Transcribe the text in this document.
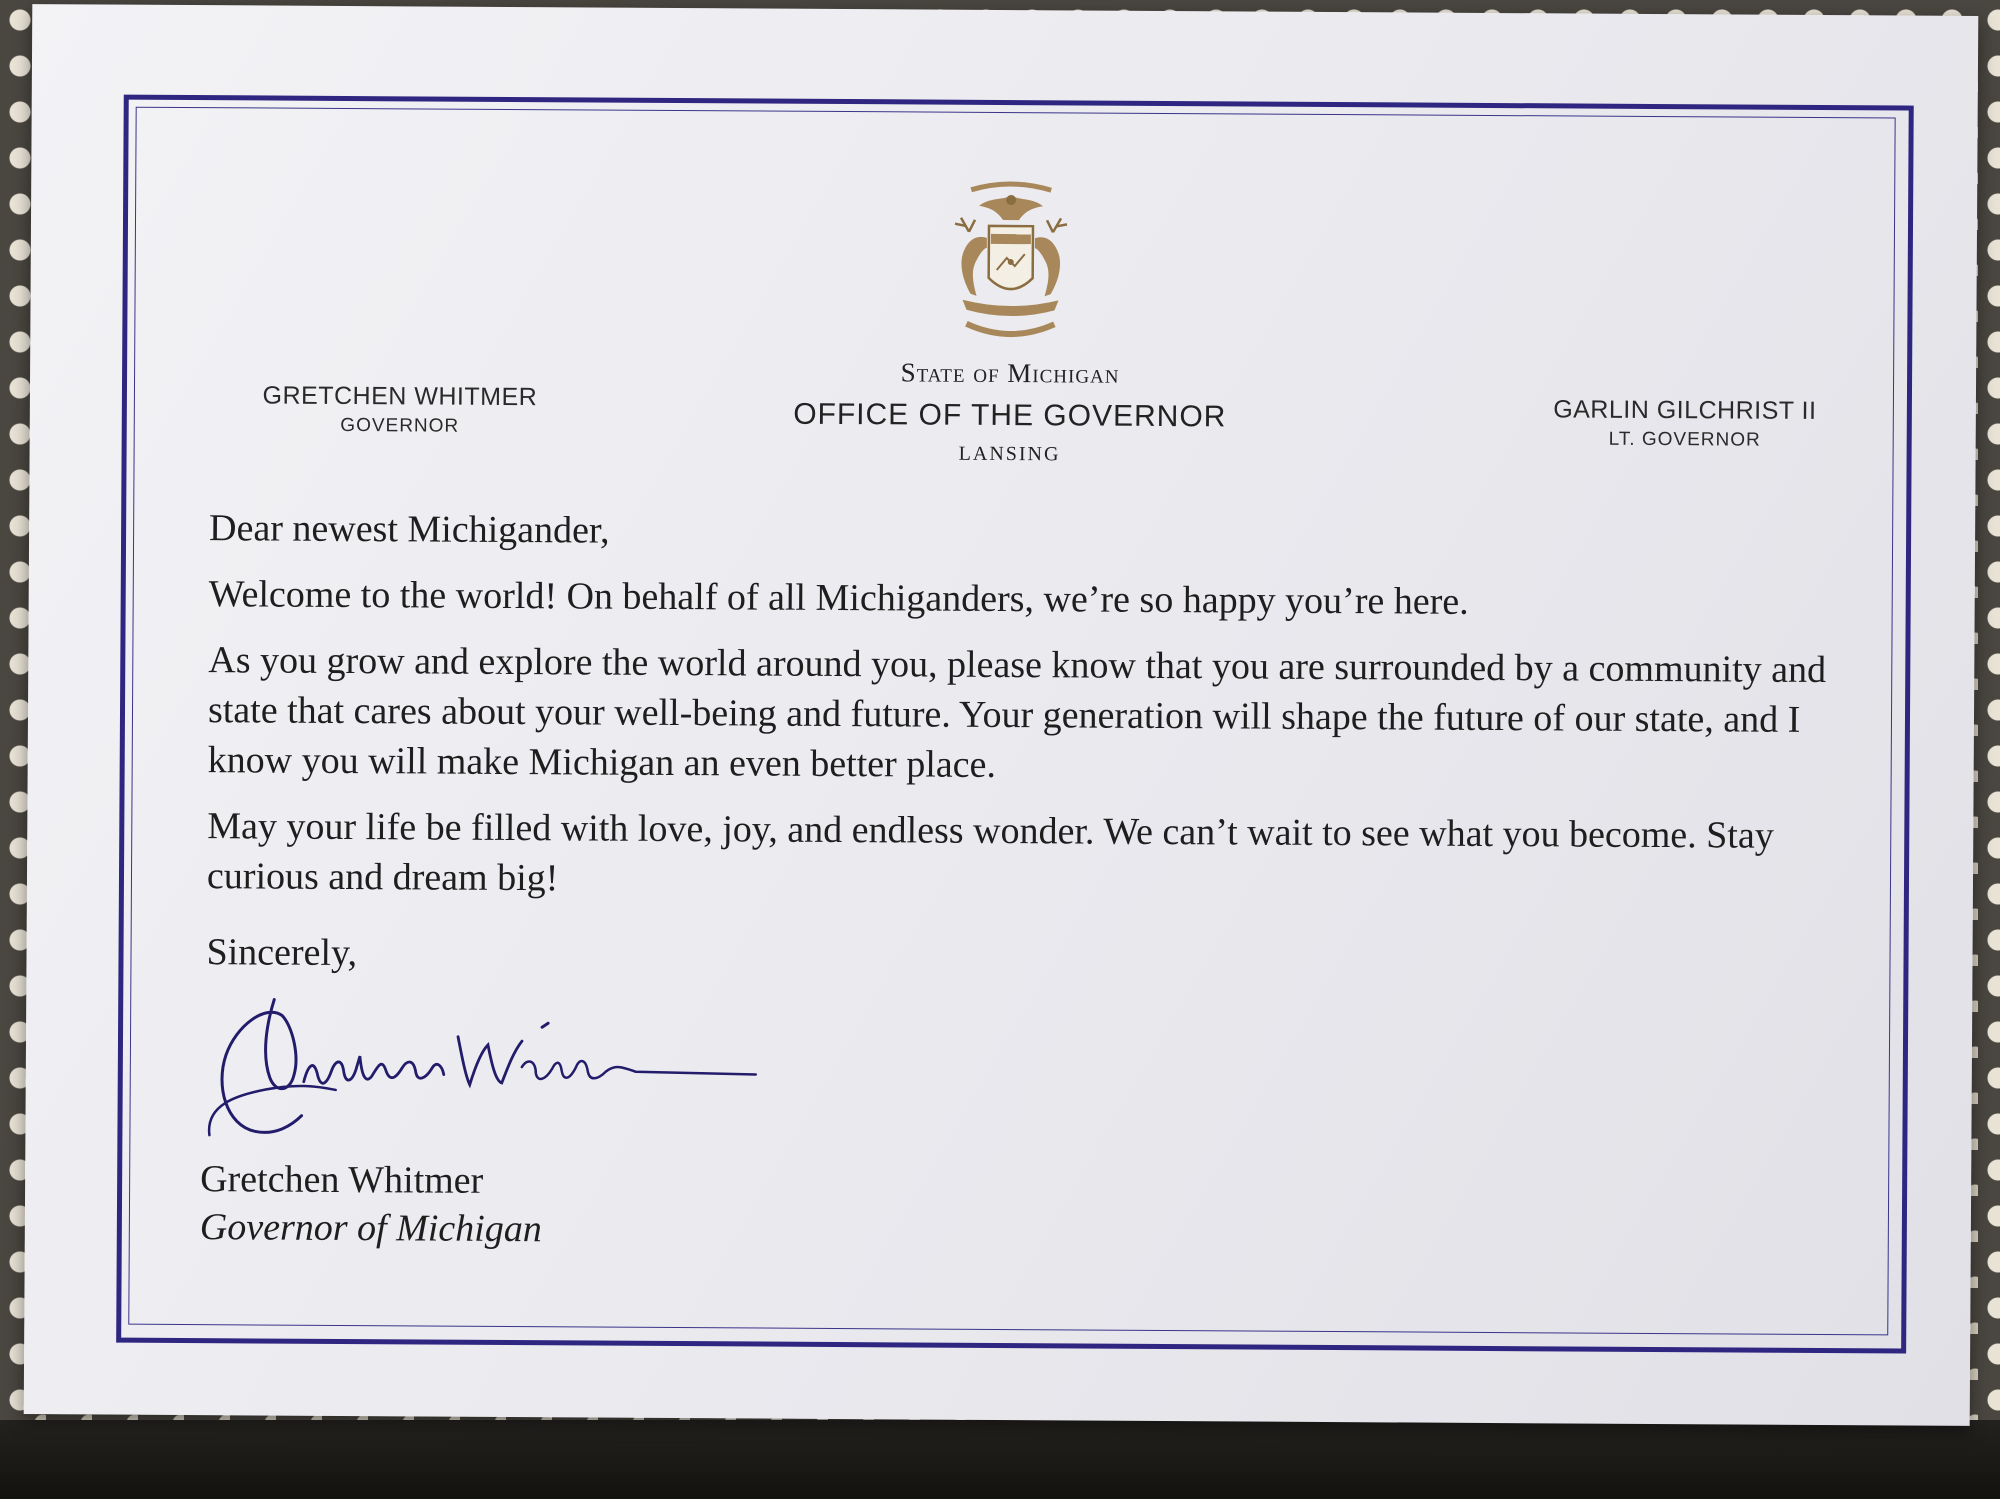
GRETCHEN WHITMER
GOVERNOR
State of Michigan
OFFICE OF THE GOVERNOR
LANSING
GARLIN GILCHRIST II
LT. GOVERNOR

Dear newest Michigander,

Welcome to the world! On behalf of all Michiganders, we’re so happy you’re here.

As you grow and explore the world around you, please know that you are surrounded by a community and state that cares about your well-being and future. Your generation will shape the future of our state, and I know you will make Michigan an even better place.

May your life be filled with love, joy, and endless wonder. We can’t wait to see what you become. Stay curious and dream big!

Sincerely,

Gretchen Whitmer
Governor of Michigan
